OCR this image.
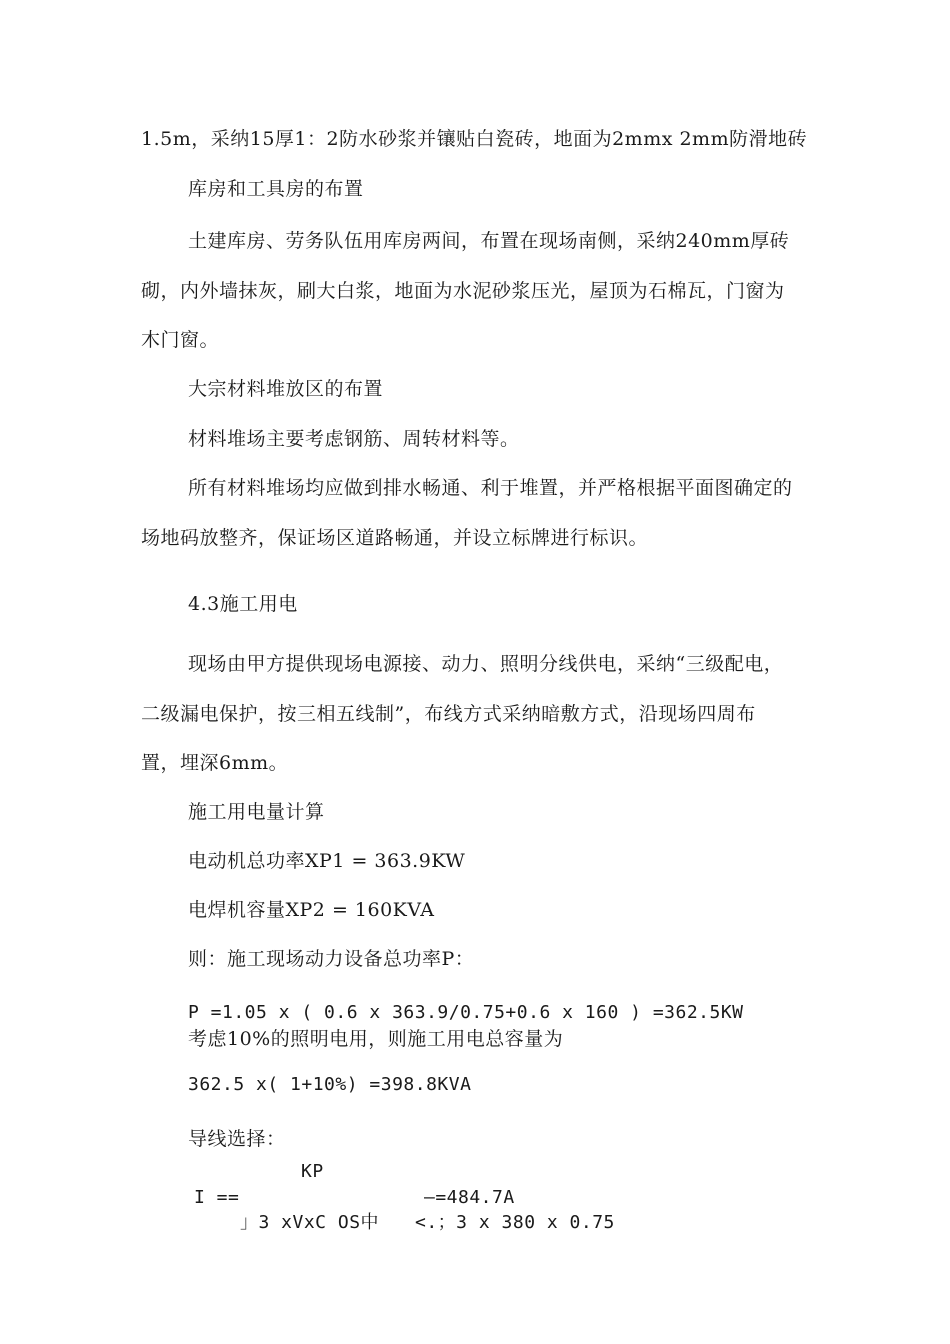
1.5m，采纳15厚1：2防水砂浆并镶贴白瓷砖，地面为2mmx 2mm防滑地砖
库房和工具房的布置
土建库房、劳务队伍用库房两间，布置在现场南侧，采纳240mm厚砖
砌，内外墙抹灰，刷大白浆，地面为水泥砂浆压光，屋顶为石棉瓦，门窗为
木门窗。
大宗材料堆放区的布置
材料堆场主要考虑钢筋、周转材料等。
所有材料堆场均应做到排水畅通、利于堆置，并严格根据平面图确定的
场地码放整齐，保证场区道路畅通，并设立标牌进行标识。
4.3施工用电
现场由甲方提供现场电源接、动力、照明分线供电，采纳“三级配电，
二级漏电保护，按三相五线制”，布线方式采纳暗敷方式，沿现场四周布
置，埋深6mm。
施工用电量计算
电动机总功率XP1 = 363.9KW
电焊机容量XP2 = 160KVA
则：施工现场动力设备总功率P：
P =1.05 x ( 0.6 x 363.9/0.75+0.6 x 160 ) =362.5KW
考虑10%的照明电用，则施工用电总容量为
362.5 x( 1+10%) =398.8KVA
导线选择：
KP
I ==	—=484.7A
」3 xVxC OS中 <.；3 x 380 x 0.75
